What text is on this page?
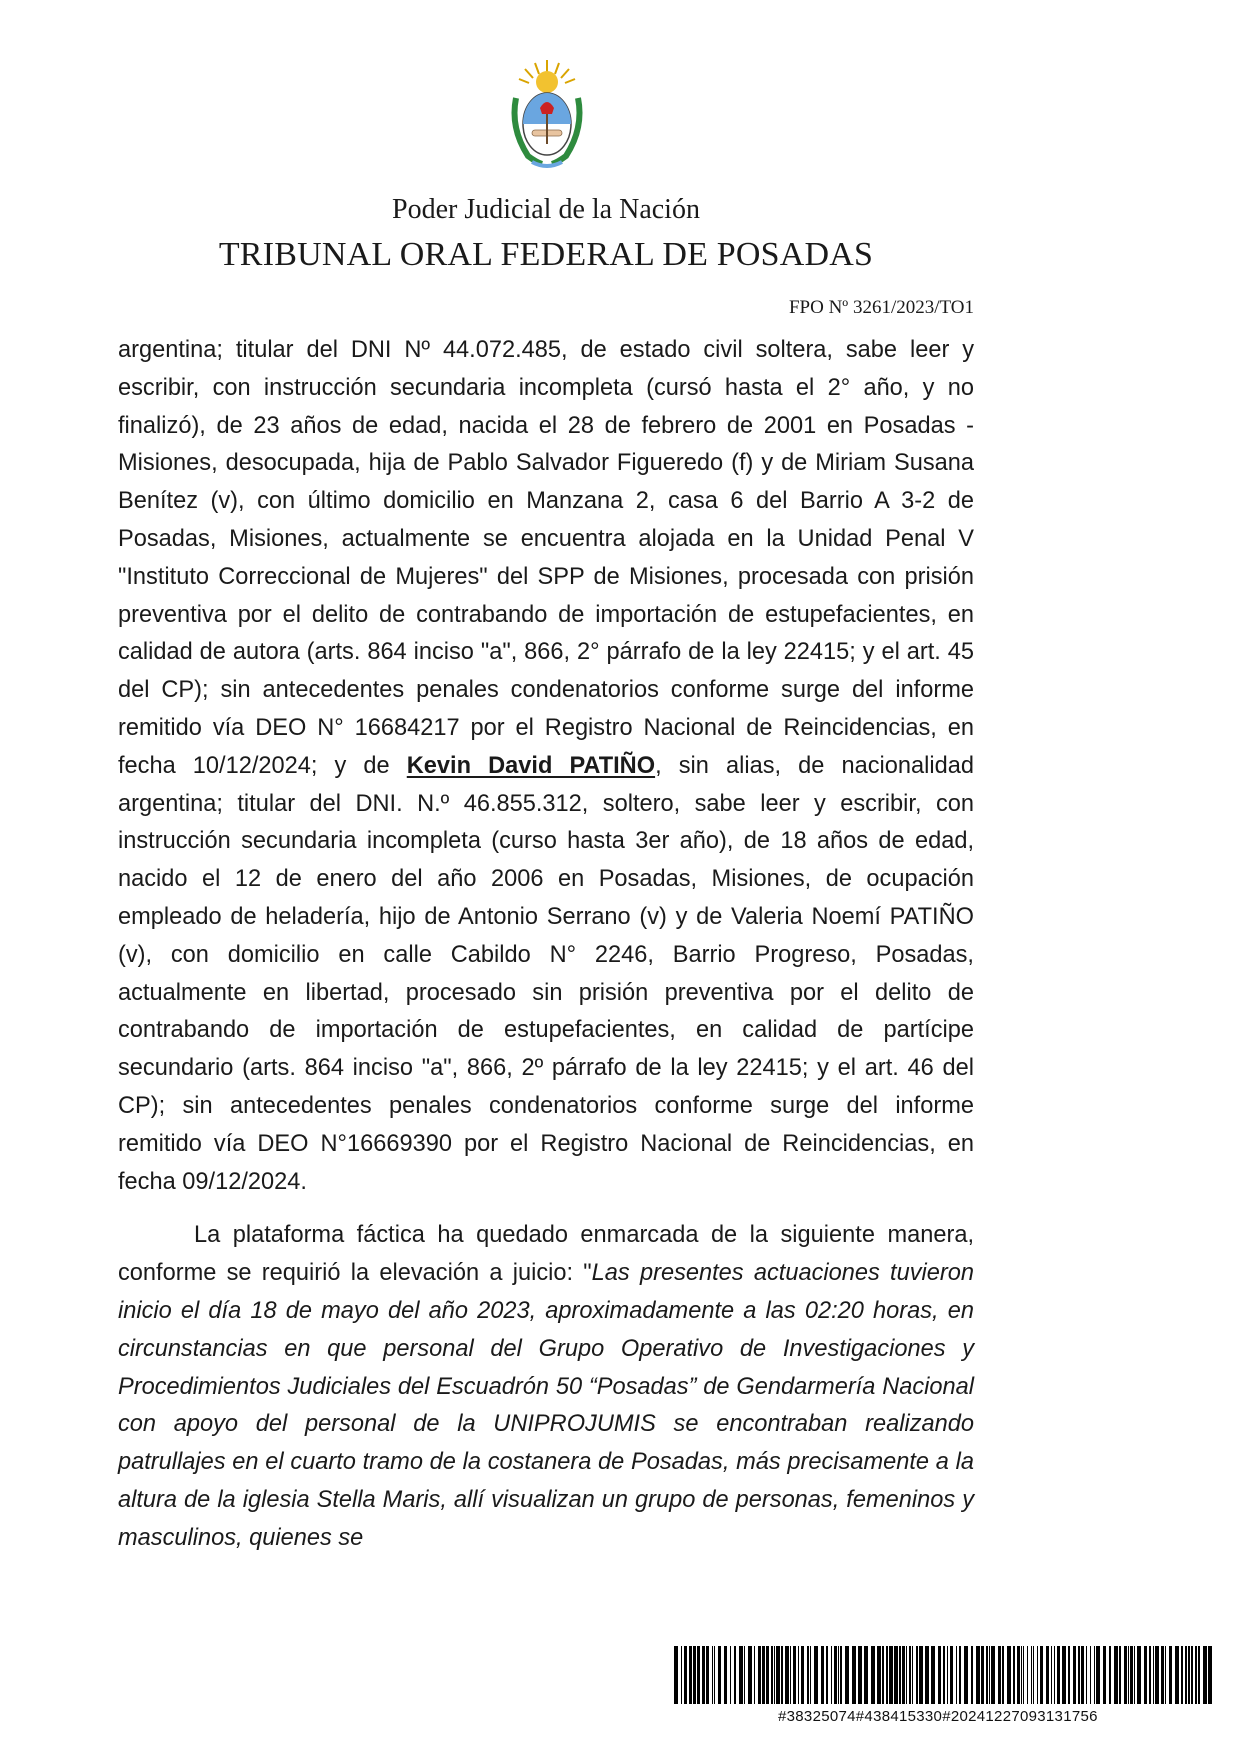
Poder Judicial de la Nación
TRIBUNAL ORAL FEDERAL DE POSADAS
FPO Nº 3261/2023/TO1

argentina; titular del DNI Nº 44.072.485, de estado civil soltera, sabe leer y escribir, con instrucción secundaria incompleta (cursó hasta el 2° año, y no finalizó), de 23 años de edad, nacida el 28 de febrero de 2001 en Posadas -Misiones, desocupada, hija de Pablo Salvador Figueredo (f) y de Miriam Susana Benítez (v), con último domicilio en Manzana 2, casa 6 del Barrio A 3-2 de Posadas, Misiones, actualmente se encuentra alojada en la Unidad Penal V "Instituto Correccional de Mujeres" del SPP de Misiones, procesada con prisión preventiva por el delito de contrabando de importación de estupefacientes, en calidad de autora (arts. 864 inciso "a", 866, 2° párrafo de la ley 22415; y el art. 45 del CP); sin antecedentes penales condenatorios conforme surge del informe remitido vía DEO N° 16684217 por el Registro Nacional de Reincidencias, en fecha 10/12/2024; y de Kevin David PATIÑO, sin alias, de nacionalidad argentina; titular del DNI. N.º 46.855.312, soltero, sabe leer y escribir, con instrucción secundaria incompleta (curso hasta 3er año), de 18 años de edad, nacido el 12 de enero del año 2006 en Posadas, Misiones, de ocupación empleado de heladería, hijo de Antonio Serrano (v) y de Valeria Noemí PATIÑO (v), con domicilio en calle Cabildo N° 2246, Barrio Progreso, Posadas, actualmente en libertad, procesado sin prisión preventiva por el delito de contrabando de importación de estupefacientes, en calidad de partícipe secundario (arts. 864 inciso "a", 866, 2º párrafo de la ley 22415; y el art. 46 del CP); sin antecedentes penales condenatorios conforme surge del informe remitido vía DEO N°16669390 por el Registro Nacional de Reincidencias, en fecha 09/12/2024.

La plataforma fáctica ha quedado enmarcada de la siguiente manera, conforme se requirió la elevación a juicio: "Las presentes actuaciones tuvieron inicio el día 18 de mayo del año 2023, aproximadamente a las 02:20 horas, en circunstancias en que personal del Grupo Operativo de Investigaciones y Procedimientos Judiciales del Escuadrón 50 “Posadas” de Gendarmería Nacional con apoyo del personal de la UNIPROJUMIS se encontraban realizando patrullajes en el cuarto tramo de la costanera de Posadas, más precisamente a la altura de la iglesia Stella Maris, allí visualizan un grupo de personas, femeninos y masculinos, quienes se

#38325074#438415330#20241227093131756
